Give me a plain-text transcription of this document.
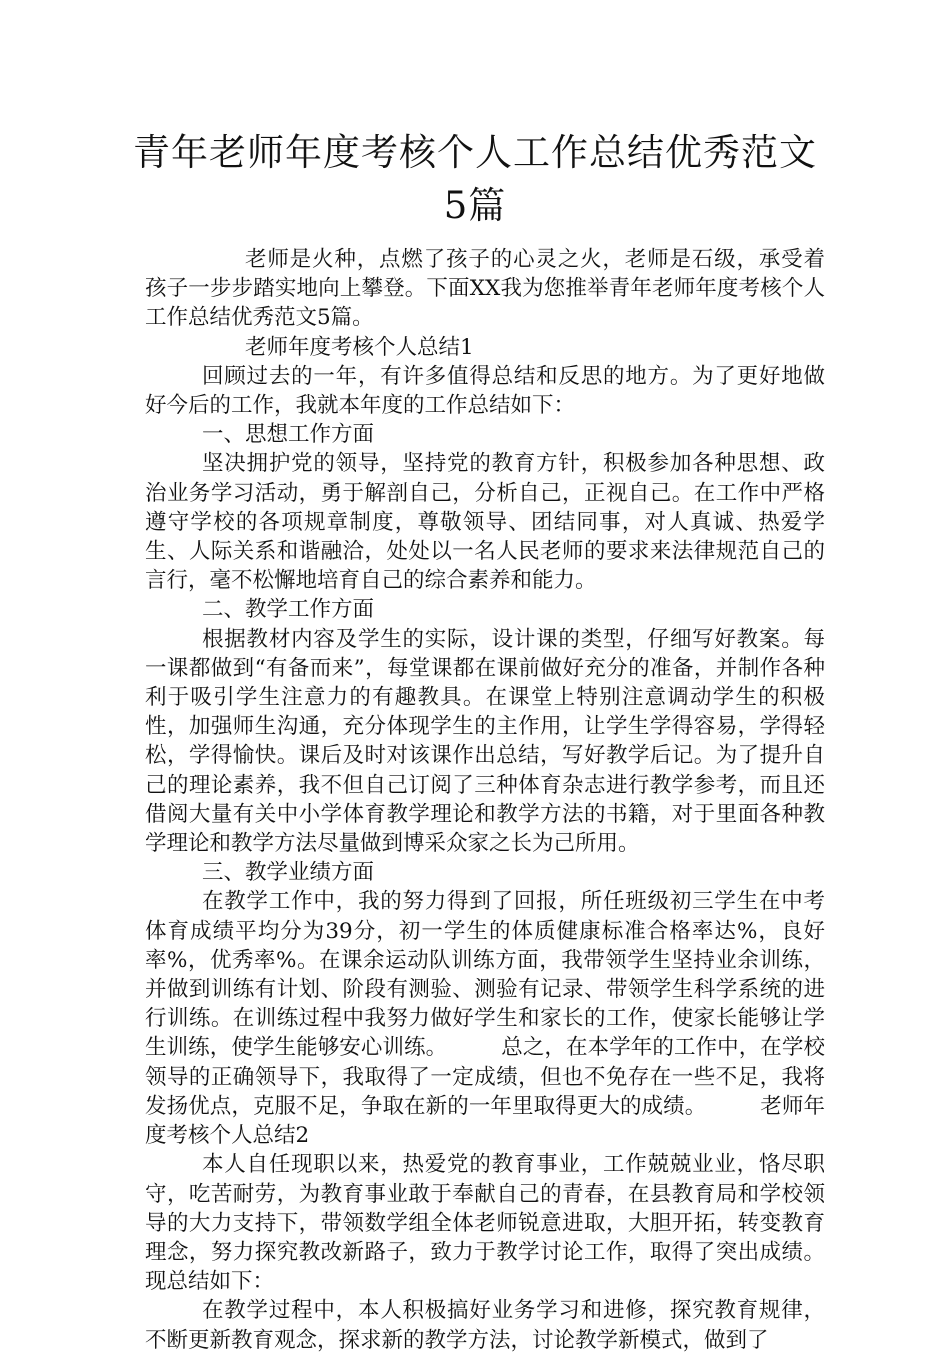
青年老师年度考核个人工作总结优秀范文5篇

老师是火种，点燃了孩子的心灵之火，老师是石级，承受着孩子一步步踏实地向上攀登。下面XX我为您推举青年老师年度考核个人工作总结优秀范文5篇。

老师年度考核个人总结1

回顾过去的一年，有许多值得总结和反思的地方。为了更好地做好今后的工作，我就本年度的工作总结如下：

一、思想工作方面

坚决拥护党的领导，坚持党的教育方针，积极参加各种思想、政治业务学习活动，勇于解剖自己，分析自己，正视自己。在工作中严格遵守学校的各项规章制度，尊敬领导、团结同事，对人真诚、热爱学生、人际关系和谐融洽，处处以一名人民老师的要求来法律规范自己的言行，毫不松懈地培育自己的综合素养和能力。

二、教学工作方面

根据教材内容及学生的实际，设计课的类型，仔细写好教案。每一课都做到“有备而来”，每堂课都在课前做好充分的准备，并制作各种利于吸引学生注意力的有趣教具。在课堂上特别注意调动学生的积极性，加强师生沟通，充分体现学生的主作用，让学生学得容易，学得轻松，学得愉快。课后及时对该课作出总结，写好教学后记。为了提升自己的理论素养，我不但自己订阅了三种体育杂志进行教学参考，而且还借阅大量有关中小学体育教学理论和教学方法的书籍，对于里面各种教学理论和教学方法尽量做到博采众家之长为己所用。

三、教学业绩方面

在教学工作中，我的努力得到了回报，所任班级初三学生在中考体育成绩平均分为39分，初一学生的体质健康标准合格率达%，良好率%，优秀率%。在课余运动队训练方面，我带领学生坚持业余训练，并做到训练有计划、阶段有测验、测验有记录、带领学生科学系统的进行训练。在训练过程中我努力做好学生和家长的工作，使家长能够让学生训练，使学生能够安心训练。　　　总之，在本学年的工作中，在学校领导的正确领导下，我取得了一定成绩，但也不免存在一些不足，我将发扬优点，克服不足，争取在新的一年里取得更大的成绩。　　　老师年度考核个人总结2

本人自任现职以来，热爱党的教育事业，工作兢兢业业，恪尽职守，吃苦耐劳，为教育事业敢于奉献自己的青春，在县教育局和学校领导的大力支持下，带领数学组全体老师锐意进取，大胆开拓，转变教育理念，努力探究教改新路子，致力于教学讨论工作，取得了突出成绩。现总结如下：

在教学过程中，本人积极搞好业务学习和进修，探究教育规律，不断更新教育观念，探求新的教学方法，讨论教学新模式，做到了
